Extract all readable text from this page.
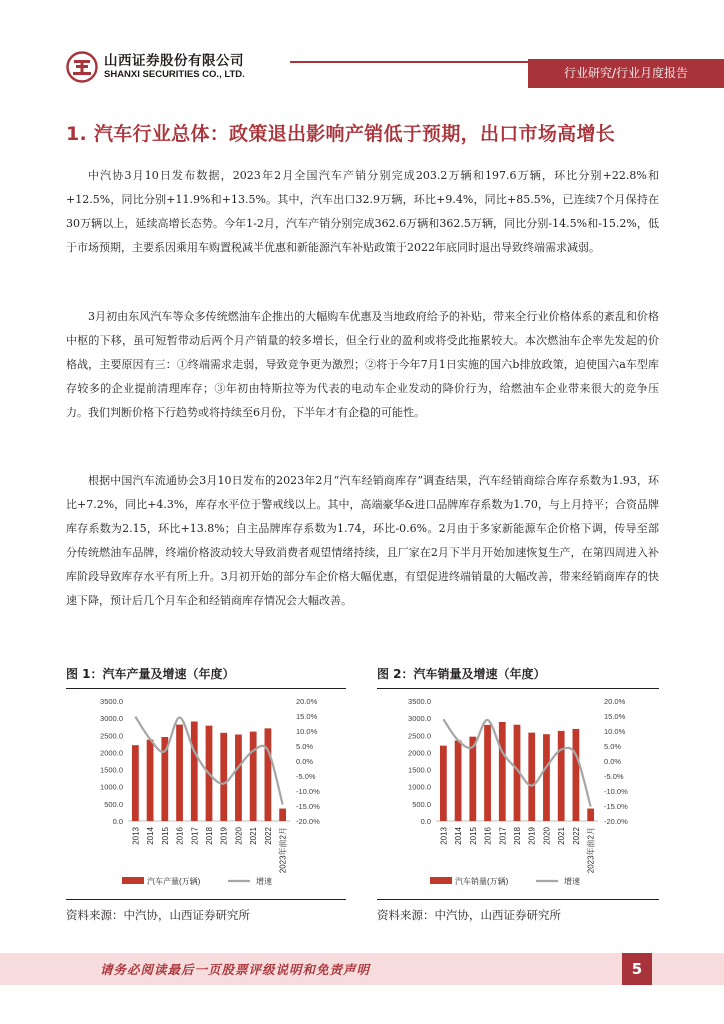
山西证券股份有限公司
SHANXI SECURITIES CO., LTD.	行业研究/行业月度报告
1. 汽车行业总体：政策退出影响产销低于预期，出口市场高增长

中汽协3月10日发布数据，2023年2月全国汽车产销分别完成203.2万辆和197.6万辆，环比分别+22.8%和+12.5%，同比分别+11.9%和+13.5%。其中，汽车出口32.9万辆，环比+9.4%，同比+85.5%，已连续7个月保持在30万辆以上，延续高增长态势。今年1-2月，汽车产销分别完成362.6万辆和362.5万辆，同比分别-14.5%和-15.2%，低于市场预期，主要系因乘用车购置税减半优惠和新能源汽车补贴政策于2022年底同时退出导致终端需求减弱。

3月初由东风汽车等众多传统燃油车企推出的大幅购车优惠及当地政府给予的补贴，带来全行业价格体系的紊乱和价格中枢的下移，虽可短暂带动后两个月产销量的较多增长，但全行业的盈利或将受此拖累较大。本次燃油车企率先发起的价格战，主要原因有三：①终端需求走弱，导致竞争更为激烈；②将于今年7月1日实施的国六b排放政策，迫使国六a车型库存较多的企业提前清理库存；③年初由特斯拉等为代表的电动车企业发动的降价行为，给燃油车企业带来很大的竞争压力。我们判断价格下行趋势或将持续至6月份，下半年才有企稳的可能性。

根据中国汽车流通协会3月10日发布的2023年2月“汽车经销商库存”调查结果，汽车经销商综合库存系数为1.93，环比+7.2%，同比+4.3%，库存水平位于警戒线以上。其中，高端豪华&进口品牌库存系数为1.70，与上月持平；合资品牌库存系数为2.15，环比+13.8%；自主品牌库存系数为1.74，环比-0.6%。2月由于多家新能源车企价格下调，传导至部分传统燃油车品牌，终端价格波动较大导致消费者观望情绪持续，且厂家在2月下半月开始加速恢复生产，在第四周进入补库阶段导致库存水平有所上升。3月初开始的部分车企价格大幅优惠，有望促进终端销量的大幅改善，带来经销商库存的快速下降，预计后几个月车企和经销商库存情况会大幅改善。

图 1：汽车产量及增速（年度）
0.0
500.0
1000.0
1500.0
2000.0
2500.0
3000.0
3500.0
-20.0%
-15.0%
-10.0%
-5.0%
0.0%
5.0%
10.0%
15.0%
20.0%
2013 2014 2015 2016 2017 2018 2019 2020 2021 2022 2023年前2月
汽车产量(万辆)	增速
资料来源：中汽协，山西证券研究所
图 2：汽车销量及增速（年度）
0.0
500.0
1000.0
1500.0
2000.0
2500.0
3000.0
3500.0
-20.0%
-15.0%
-10.0%
-5.0%
0.0%
5.0%
10.0%
15.0%
20.0%
2013 2014 2015 2016 2017 2018 2019 2020 2021 2022 2023年前2月
汽车销量(万辆)	增速
资料来源：中汽协，山西证券研究所
请务必阅读最后一页股票评级说明和免责声明	5
